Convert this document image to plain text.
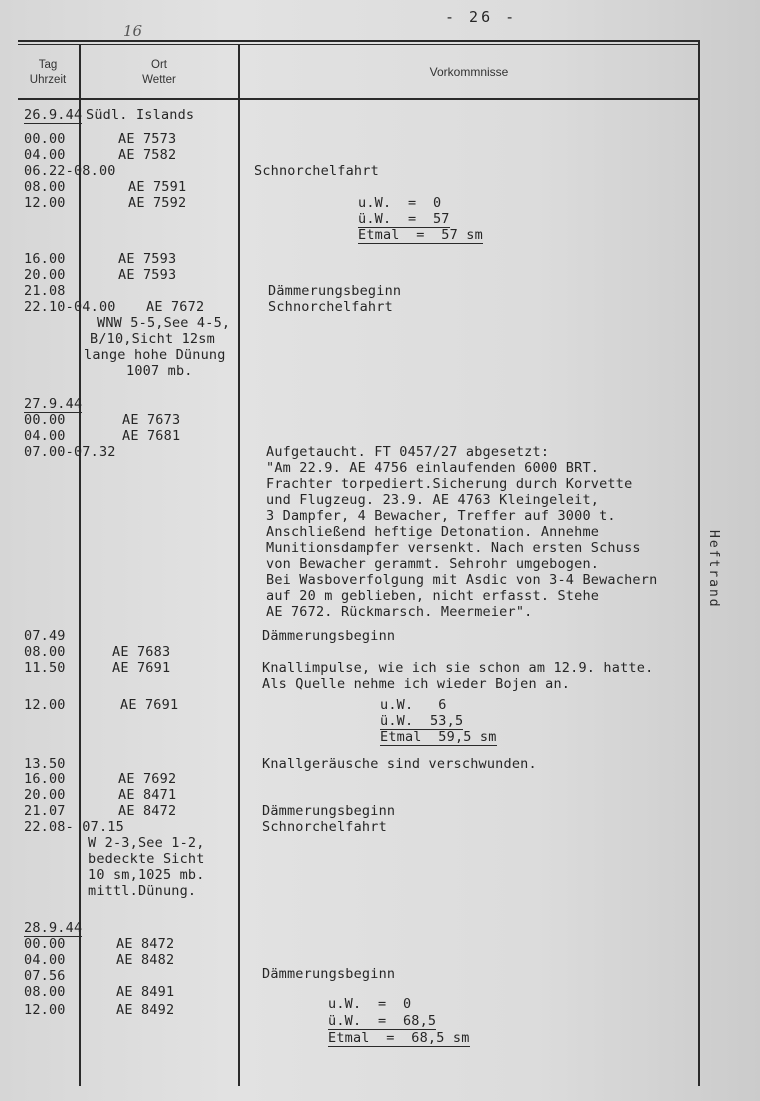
- 26 -
16
Tag
Uhrzeit
Ort
Wetter
Vorkommnisse
Heftrand
26.9.44
00.00
04.00
06.22-08.00
08.00
12.00
16.00
20.00
21.08
22.10-04.00
27.9.44
00.00
04.00
07.00-07.32
07.49
08.00
11.50
12.00
13.50
16.00
20.00
21.07
22.08- 07.15
28.9.44
00.00
04.00
07.56
08.00
12.00
Südl. Islands
AE 7573
AE 7582
AE 7591
AE 7592
AE 7593
AE 7593
AE 7672
WNW 5-5,See 4-5,
B/10,Sicht 12sm
lange hohe Dünung
1007 mb.
AE 7673
AE 7681
AE 7683
AE 7691
AE 7691
AE 7692
AE 8471
AE 8472
W 2-3,See 1-2,
bedeckte Sicht
10 sm,1025 mb.
mittl.Dünung.
AE 8472
AE 8482
AE 8491
AE 8492
Schnorchelfahrt
u.W.  =  0
ü.W.  =  57
Etmal  =  57 sm
Dämmerungsbeginn
Schnorchelfahrt
Aufgetaucht. FT 0457/27 abgesetzt:
"Am 22.9. AE 4756 einlaufenden 6000 BRT.
Frachter torpediert.Sicherung durch Korvette
und Flugzeug. 23.9. AE 4763 Kleingeleit,
3 Dampfer, 4 Bewacher, Treffer auf 3000 t.
Anschließend heftige Detonation. Annehme
Munitionsdampfer versenkt. Nach ersten Schuss
von Bewacher gerammt. Sehrohr umgebogen.
Bei Wasboverfolgung mit Asdic von 3-4 Bewachern
auf 20 m geblieben, nicht erfasst. Stehe
AE 7672. Rückmarsch. Meermeier".
Dämmerungsbeginn
Knallimpulse, wie ich sie schon am 12.9. hatte.
Als Quelle nehme ich wieder Bojen an.
u.W.   6
ü.W.  53,5
Etmal  59,5 sm
Knallgeräusche sind verschwunden.
Dämmerungsbeginn
Schnorchelfahrt
Dämmerungsbeginn
u.W.  =  0
ü.W.  =  68,5
Etmal  =  68,5 sm
